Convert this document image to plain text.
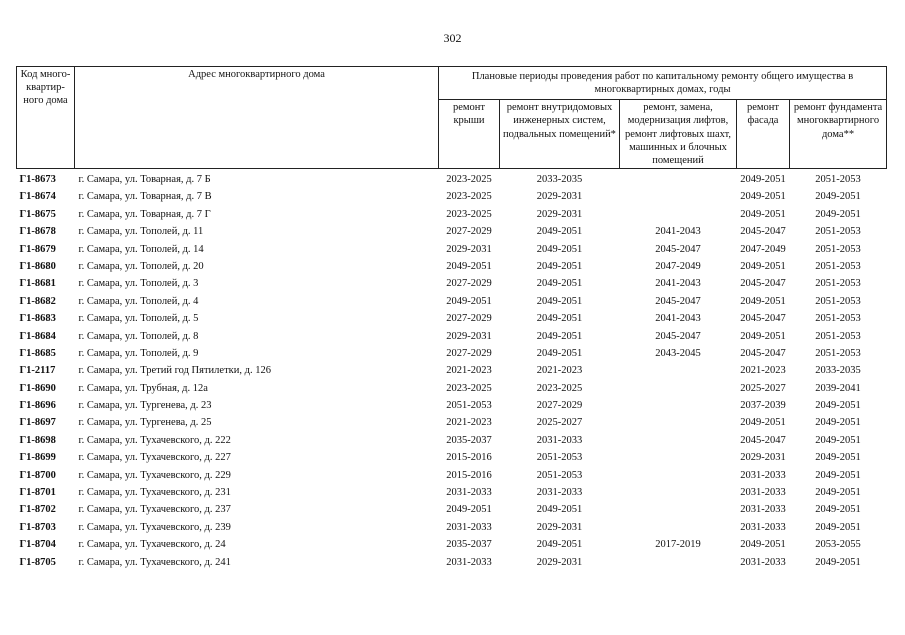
302
Код много-квартир-ного дома	Адрес многоквартирного дома	Плановые периоды проведения работ по капитальному ремонту общего имущества в многоквартирных домах, годы				
		ремонт крыши	ремонт внутридомовых инженерных систем, подвальных помещений*	ремонт, замена, модернизация лифтов, ремонт лифтовых шахт, машинных и блочных помещений	ремонт фасада	ремонт фундамента многоквартирного дома**
Г1-8673	г. Самара, ул. Товарная, д. 7 Б	2023-2025	2033-2035		2049-2051	2051-2053
Г1-8674	г. Самара, ул. Товарная, д. 7 В	2023-2025	2029-2031		2049-2051	2049-2051
Г1-8675	г. Самара, ул. Товарная, д. 7 Г	2023-2025	2029-2031		2049-2051	2049-2051
Г1-8678	г. Самара, ул. Тополей, д. 11	2027-2029	2049-2051	2041-2043	2045-2047	2051-2053
Г1-8679	г. Самара, ул. Тополей, д. 14	2029-2031	2049-2051	2045-2047	2047-2049	2051-2053
Г1-8680	г. Самара, ул. Тополей, д. 20	2049-2051	2049-2051	2047-2049	2049-2051	2051-2053
Г1-8681	г. Самара, ул. Тополей, д. 3	2027-2029	2049-2051	2041-2043	2045-2047	2051-2053
Г1-8682	г. Самара, ул. Тополей, д. 4	2049-2051	2049-2051	2045-2047	2049-2051	2051-2053
Г1-8683	г. Самара, ул. Тополей, д. 5	2027-2029	2049-2051	2041-2043	2045-2047	2051-2053
Г1-8684	г. Самара, ул. Тополей, д. 8	2029-2031	2049-2051	2045-2047	2049-2051	2051-2053
Г1-8685	г. Самара, ул. Тополей, д. 9	2027-2029	2049-2051	2043-2045	2045-2047	2051-2053
Г1-2117	г. Самара, ул. Третий год Пятилетки, д. 126	2021-2023	2021-2023		2021-2023	2033-2035
Г1-8690	г. Самара, ул. Трубная, д. 12а	2023-2025	2023-2025		2025-2027	2039-2041
Г1-8696	г. Самара, ул. Тургенева, д. 23	2051-2053	2027-2029		2037-2039	2049-2051
Г1-8697	г. Самара, ул. Тургенева, д. 25	2021-2023	2025-2027		2049-2051	2049-2051
Г1-8698	г. Самара, ул. Тухачевского, д. 222	2035-2037	2031-2033		2045-2047	2049-2051
Г1-8699	г. Самара, ул. Тухачевского, д. 227	2015-2016	2051-2053		2029-2031	2049-2051
Г1-8700	г. Самара, ул. Тухачевского, д. 229	2015-2016	2051-2053		2031-2033	2049-2051
Г1-8701	г. Самара, ул. Тухачевского, д. 231	2031-2033	2031-2033		2031-2033	2049-2051
Г1-8702	г. Самара, ул. Тухачевского, д. 237	2049-2051	2049-2051		2031-2033	2049-2051
Г1-8703	г. Самара, ул. Тухачевского, д. 239	2031-2033	2029-2031		2031-2033	2049-2051
Г1-8704	г. Самара, ул. Тухачевского, д. 24	2035-2037	2049-2051	2017-2019	2049-2051	2053-2055
Г1-8705	г. Самара, ул. Тухачевского, д. 241	2031-2033	2029-2031		2031-2033	2049-2051
